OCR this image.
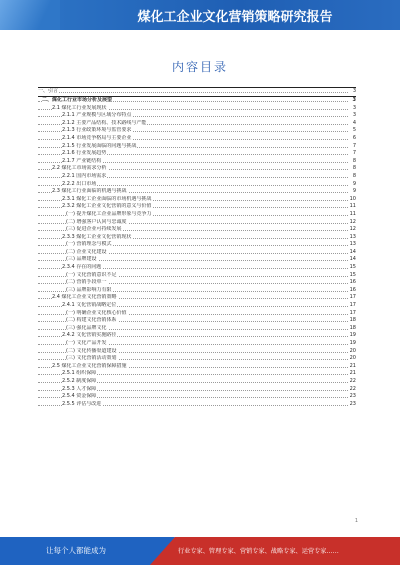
煤化工企业文化营销策略研究报告
内容目录
一、引言	3
二、煤化工行业市场分析及展望	3
2.1 煤化工行业发展现状	3
2.1.1 产业规模与区域分布特点	3
2.1.2 主要产品结构、技术路线与产能	4
2.1.3 行业政策环境与监管要求	5
2.1.4 市场竞争格局与主要企业	6
2.1.5 行业发展面临的问题与挑战	7
2.1.6 行业发展趋势	7
2.1.7 产业链结构	8
2.2 煤化工市场需求分析	8
2.2.1 国内市场需求	8
2.2.2 出口市场	9
2.3 煤化工行业面临的机遇与挑战	9
2.3.1 煤化工企业面临的市场机遇与挑战	10
2.3.2 煤化工企业文化营销的意义与价值	11
(一) 提升煤化工企业品牌形象与竞争力	11
(二) 增强客户认同与忠诚度	12
(三) 促进企业可持续发展	12
2.3.3 煤化工企业文化营销现状	13
(一) 营销理念与模式	13
(二) 企业文化建设	14
(三) 品牌建设	14
2.3.4 存在的问题	15
(一) 文化营销意识不足	15
(二) 营销手段单一	16
(三) 品牌影响力有限	16
2.4 煤化工企业文化营销策略	17
2.4.1 文化营销战略定位	17
(一) 明确企业文化核心价值	17
(二) 构建文化营销体系	18
(三) 强化品牌文化	18
2.4.2 文化营销实施路径	19
(一) 文化产品开发	19
(二) 文化传播渠道建设	20
(三) 文化营销活动策划	20
2.5 煤化工企业文化营销保障措施	21
2.5.1 组织保障	21
2.5.2 制度保障	22
2.5.3 人才保障	22
2.5.4 资金保障	23
2.5.5 评估与改进	23
1
让每个人都能成为	行业专家、管理专家、营销专家、战略专家、运营专家……
